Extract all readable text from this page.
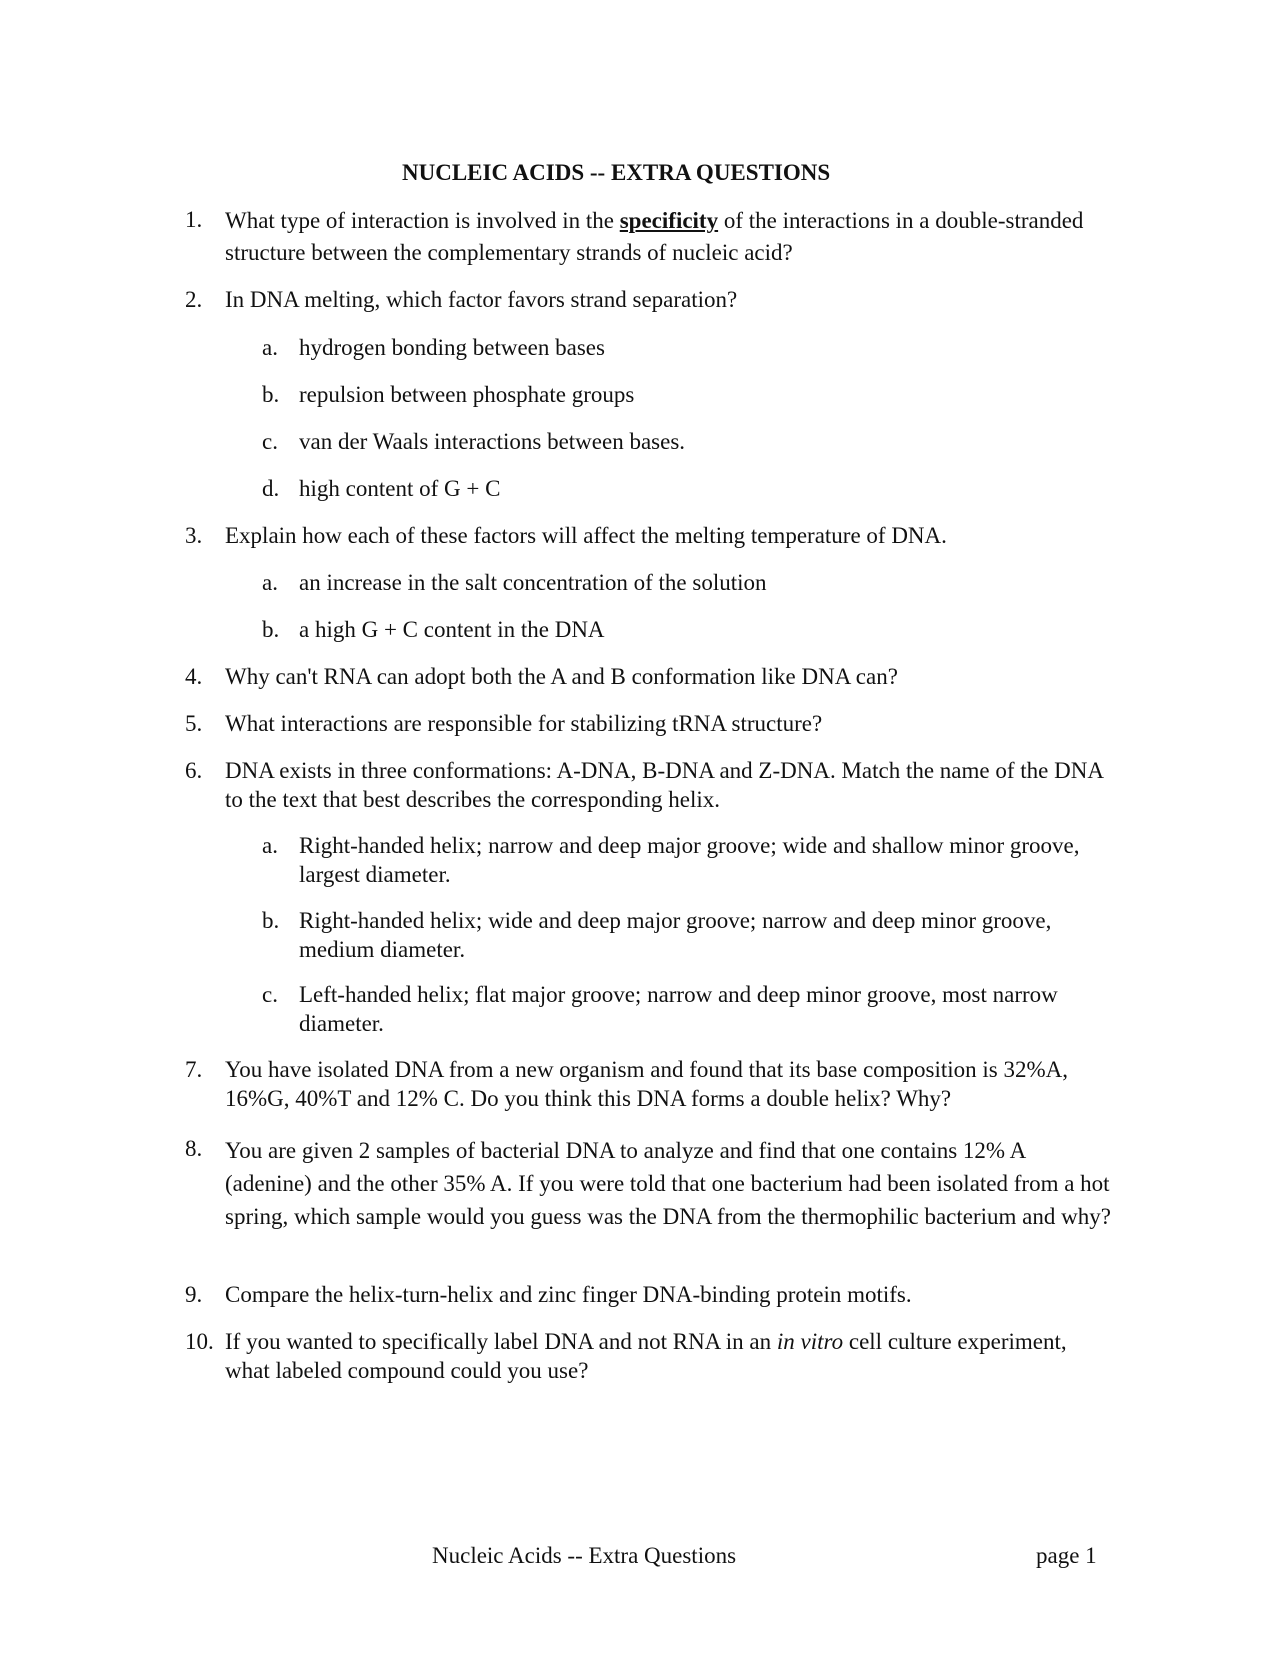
NUCLEIC ACIDS -- EXTRA QUESTIONS
1. What type of interaction is involved in the specificity of the interactions in a double-stranded structure between the complementary strands of nucleic acid?
2. In DNA melting, which factor favors strand separation?
a. hydrogen bonding between bases
b. repulsion between phosphate groups
c. van der Waals interactions between bases.
d. high content of G + C
3. Explain how each of these factors will affect the melting temperature of DNA.
a. an increase in the salt concentration of the solution
b. a high G + C content in the DNA
4. Why can't RNA can adopt both the A and B conformation like DNA can?
5. What interactions are responsible for stabilizing tRNA structure?
6. DNA exists in three conformations: A-DNA, B-DNA and Z-DNA. Match the name of the DNA to the text that best describes the corresponding helix.
a. Right-handed helix; narrow and deep major groove; wide and shallow minor groove, largest diameter.
b. Right-handed helix; wide and deep major groove; narrow and deep minor groove, medium diameter.
c. Left-handed helix; flat major groove; narrow and deep minor groove, most narrow diameter.
7. You have isolated DNA from a new organism and found that its base composition is 32%A, 16%G, 40%T and 12% C. Do you think this DNA forms a double helix? Why?
8. You are given 2 samples of bacterial DNA to analyze and find that one contains 12% A (adenine) and the other 35% A. If you were told that one bacterium had been isolated from a hot spring, which sample would you guess was the DNA from the thermophilic bacterium and why?
9. Compare the helix-turn-helix and zinc finger DNA-binding protein motifs.
10. If you wanted to specifically label DNA and not RNA in an in vitro cell culture experiment, what labeled compound could you use?
Nucleic Acids -- Extra Questions	page 1
